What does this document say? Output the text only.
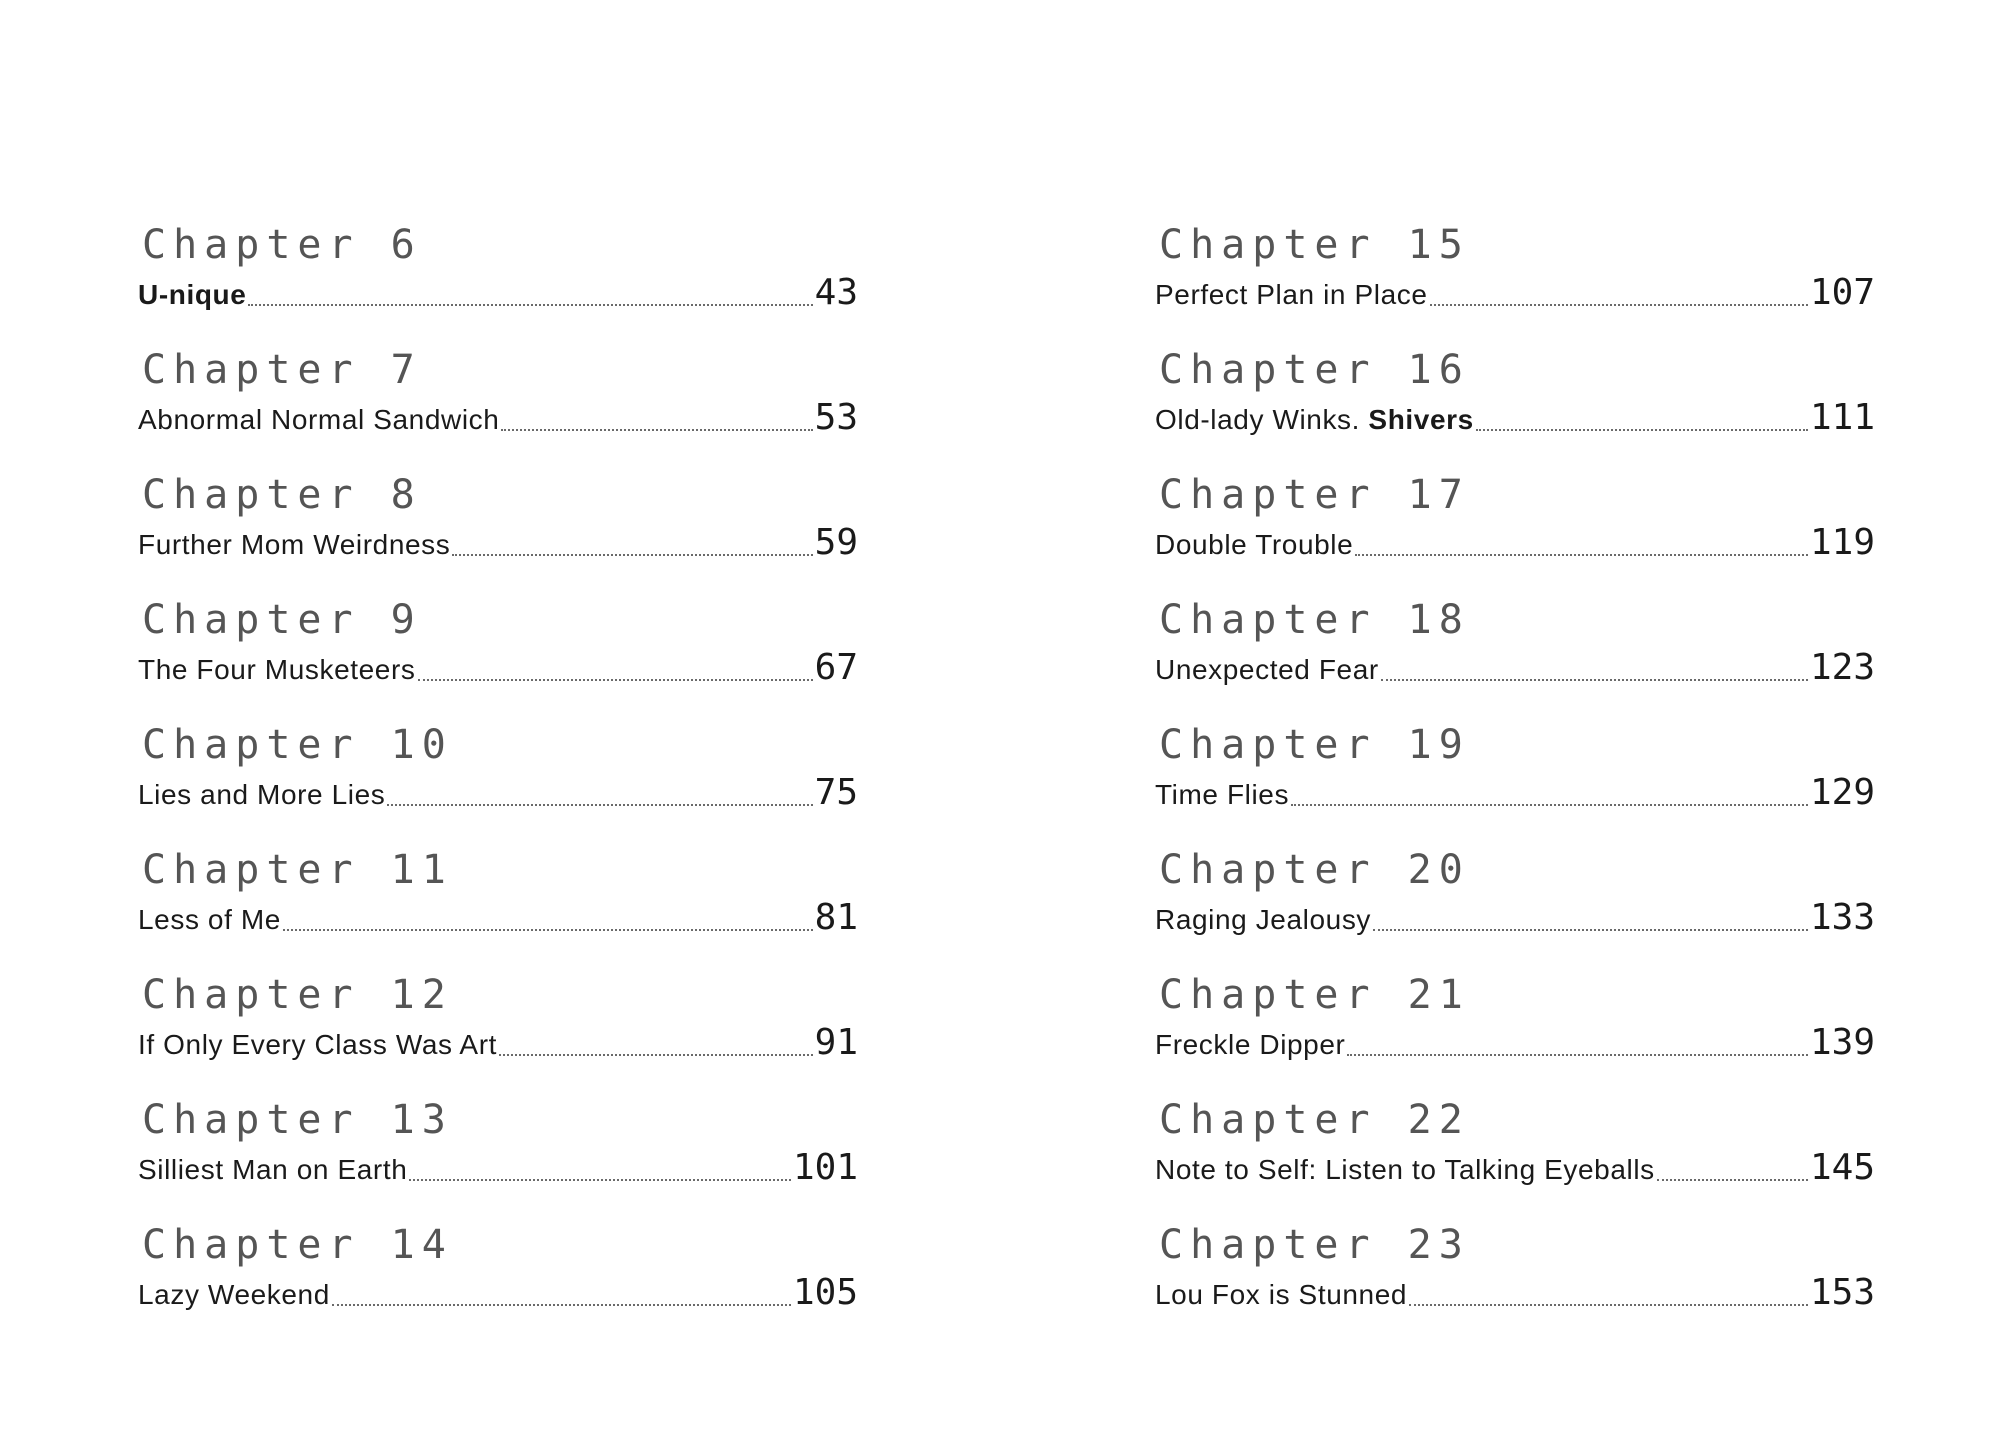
Chapter 6
U-nique	43
Chapter 7
Abnormal Normal Sandwich	53
Chapter 8
Further Mom Weirdness	59
Chapter 9
The Four Musketeers	67
Chapter 10
Lies and More Lies	75
Chapter 11
Less of Me	81
Chapter 12
If Only Every Class Was Art	91
Chapter 13
Silliest Man on Earth	101
Chapter 14
Lazy Weekend	105
Chapter 15
Perfect Plan in Place	107
Chapter 16
Old-lady Winks. Shivers	111
Chapter 17
Double Trouble	119
Chapter 18
Unexpected Fear	123
Chapter 19
Time Flies	129
Chapter 20
Raging Jealousy	133
Chapter 21
Freckle Dipper	139
Chapter 22
Note to Self: Listen to Talking Eyeballs	145
Chapter 23
Lou Fox is Stunned	153
